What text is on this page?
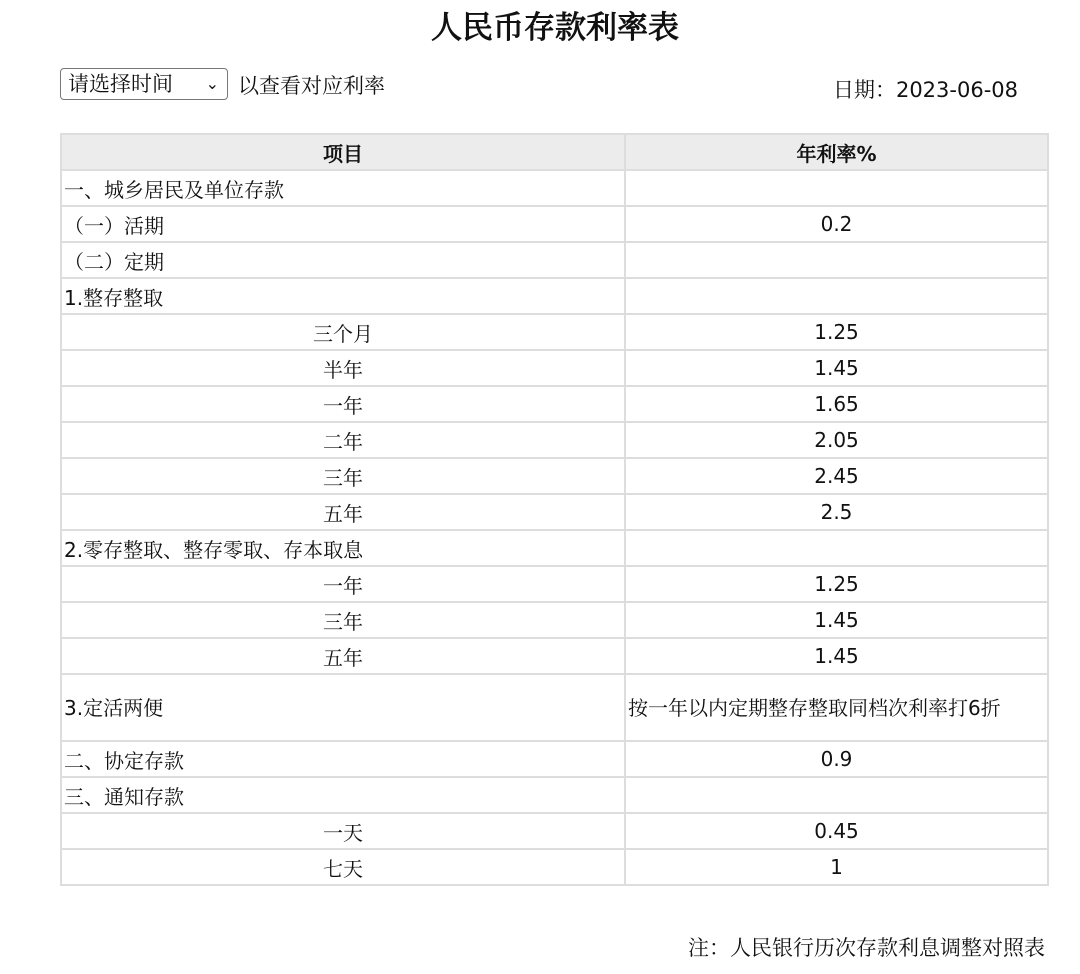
人民币存款利率表
请选择时间 ⌄ 以查看对应利率	日期：2023-06-08
项目	年利率%
一、城乡居民及单位存款	
（一）活期	0.2
（二）定期	
1.整存整取	
三个月	1.25
半年	1.45
一年	1.65
二年	2.05
三年	2.45
五年	2.5
2.零存整取、整存零取、存本取息	
一年	1.25
三年	1.45
五年	1.45
3.定活两便	按一年以内定期整存整取同档次利率打6折
二、协定存款	0.9
三、通知存款	
一天	0.45
七天	1
注：人民银行历次存款利息调整对照表
